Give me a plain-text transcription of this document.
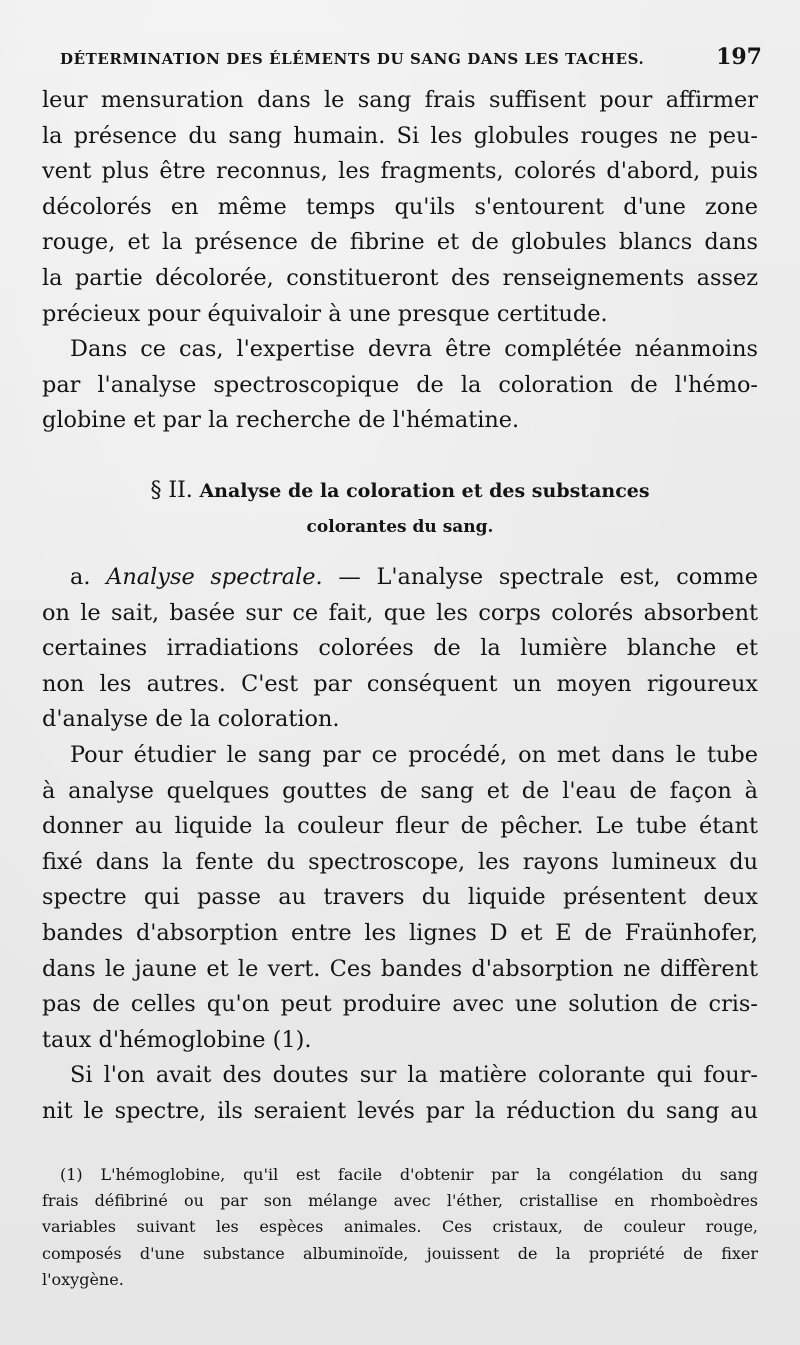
DÉTERMINATION DES ÉLÉMENTS DU SANG DANS LES TACHES.	197
leur mensuration dans le sang frais suffisent pour affirmer
la présence du sang humain. Si les globules rouges ne peu-
vent plus être reconnus, les fragments, colorés d'abord, puis
décolorés en même temps qu'ils s'entourent d'une zone
rouge, et la présence de fibrine et de globules blancs dans
la partie décolorée, constitueront des renseignements assez
précieux pour équivaloir à une presque certitude.
Dans ce cas, l'expertise devra être complétée néanmoins
par l'analyse spectroscopique de la coloration de l'hémo-
globine et par la recherche de l'hématine.
§ II. Analyse de la coloration et des substances
colorantes du sang.
a. Analyse spectrale. — L'analyse spectrale est, comme
on le sait, basée sur ce fait, que les corps colorés absorbent
certaines irradiations colorées de la lumière blanche et
non les autres. C'est par conséquent un moyen rigoureux
d'analyse de la coloration.
Pour étudier le sang par ce procédé, on met dans le tube
à analyse quelques gouttes de sang et de l'eau de façon à
donner au liquide la couleur fleur de pêcher. Le tube étant
fixé dans la fente du spectroscope, les rayons lumineux du
spectre qui passe au travers du liquide présentent deux
bandes d'absorption entre les lignes D et E de Fraünhofer,
dans le jaune et le vert. Ces bandes d'absorption ne diffèrent
pas de celles qu'on peut produire avec une solution de cris-
taux d'hémoglobine (1).
Si l'on avait des doutes sur la matière colorante qui four-
nit le spectre, ils seraient levés par la réduction du sang au
(1) L'hémoglobine, qu'il est facile d'obtenir par la congélation du sang
frais défibriné ou par son mélange avec l'éther, cristallise en rhomboèdres
variables suivant les espèces animales. Ces cristaux, de couleur rouge,
composés d'une substance albuminoïde, jouissent de la propriété de fixer
l'oxygène.
